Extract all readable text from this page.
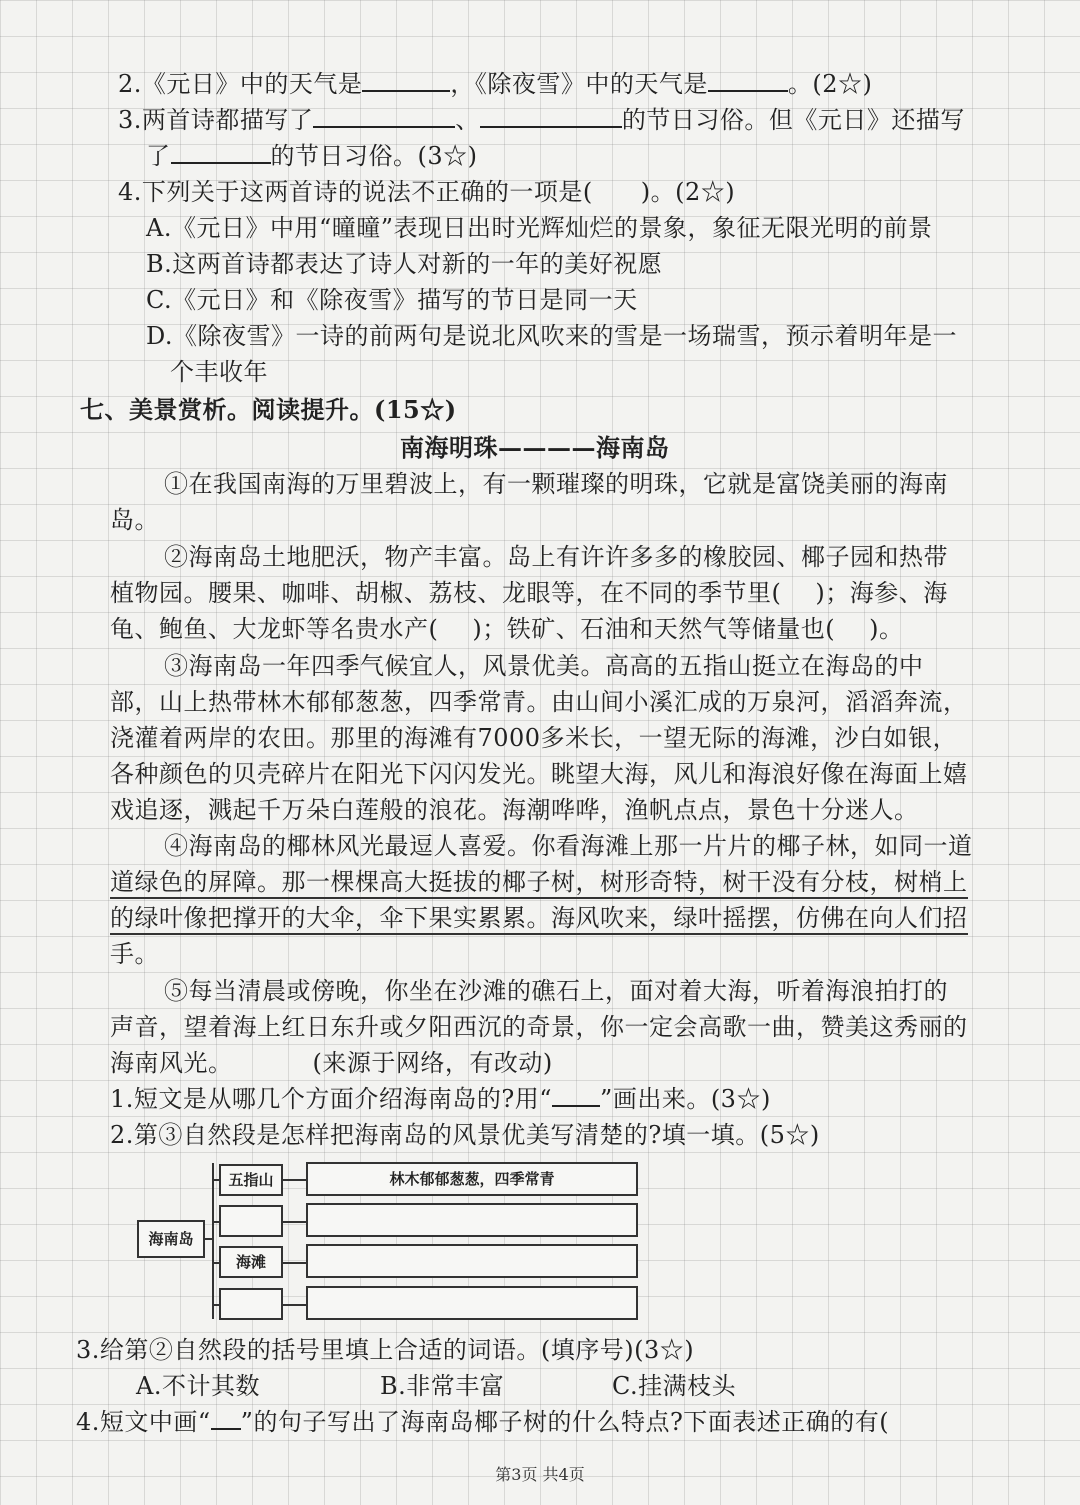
2.《元日》中的天气是	，《除夜雪》中的天气是	。(2☆)
3.两首诗都描写了	、	的节日习俗。但《元日》还描写
了	的节日习俗。(3☆)
4.下列关于这两首诗的说法不正确的一项是( )。(2☆)
A.《元日》中用“曈曈”表现日出时光辉灿烂的景象，象征无限光明的前景
B.这两首诗都表达了诗人对新的一年的美好祝愿
C.《元日》和《除夜雪》描写的节日是同一天
D.《除夜雪》一诗的前两句是说北风吹来的雪是一场瑞雪，预示着明年是一
个丰收年
七、美景赏析。阅读提升。(15☆)
南海明珠————海南岛
①在我国南海的万里碧波上，有一颗璀璨的明珠，它就是富饶美丽的海南
岛。
②海南岛土地肥沃，物产丰富。岛上有许许多多的橡胶园、椰子园和热带
植物园。腰果、咖啡、胡椒、荔枝、龙眼等，在不同的季节里( )；海参、海
龟、鲍鱼、大龙虾等名贵水产( )；铁矿、石油和天然气等储量也( )。
③海南岛一年四季气候宜人，风景优美。高高的五指山挺立在海岛的中
部，山上热带林木郁郁葱葱，四季常青。由山间小溪汇成的万泉河，滔滔奔流，
浇灌着两岸的农田。那里的海滩有7000多米长，一望无际的海滩，沙白如银，
各种颜色的贝壳碎片在阳光下闪闪发光。眺望大海，风儿和海浪好像在海面上嬉
戏追逐，溅起千万朵白莲般的浪花。海潮哗哗，渔帆点点，景色十分迷人。
④海南岛的椰林风光最逗人喜爱。你看海滩上那一片片的椰子林，如同一道
道绿色的屏障。那一棵棵高大挺拔的椰子树，树形奇特，树干没有分枝，树梢上
的绿叶像把撑开的大伞，伞下果实累累。海风吹来，绿叶摇摆，仿佛在向人们招
手。
⑤每当清晨或傍晚，你坐在沙滩的礁石上，面对着大海，听着海浪拍打的
声音，望着海上红日东升或夕阳西沉的奇景，你一定会高歌一曲，赞美这秀丽的
海南风光。	(来源于网络，有改动)
1.短文是从哪几个方面介绍海南岛的?用“ ”画出来。(3☆)
2.第③自然段是怎样把海南岛的风景优美写清楚的?填一填。(5☆)
海南岛
五指山	林木郁郁葱葱，四季常青
海滩
3.给第②自然段的括号里填上合适的词语。(填序号)(3☆)
A.不计其数	B.非常丰富	C.挂满枝头
4.短文中画“ ”的句子写出了海南岛椰子树的什么特点?下面表述正确的有(
第3页 共4页
